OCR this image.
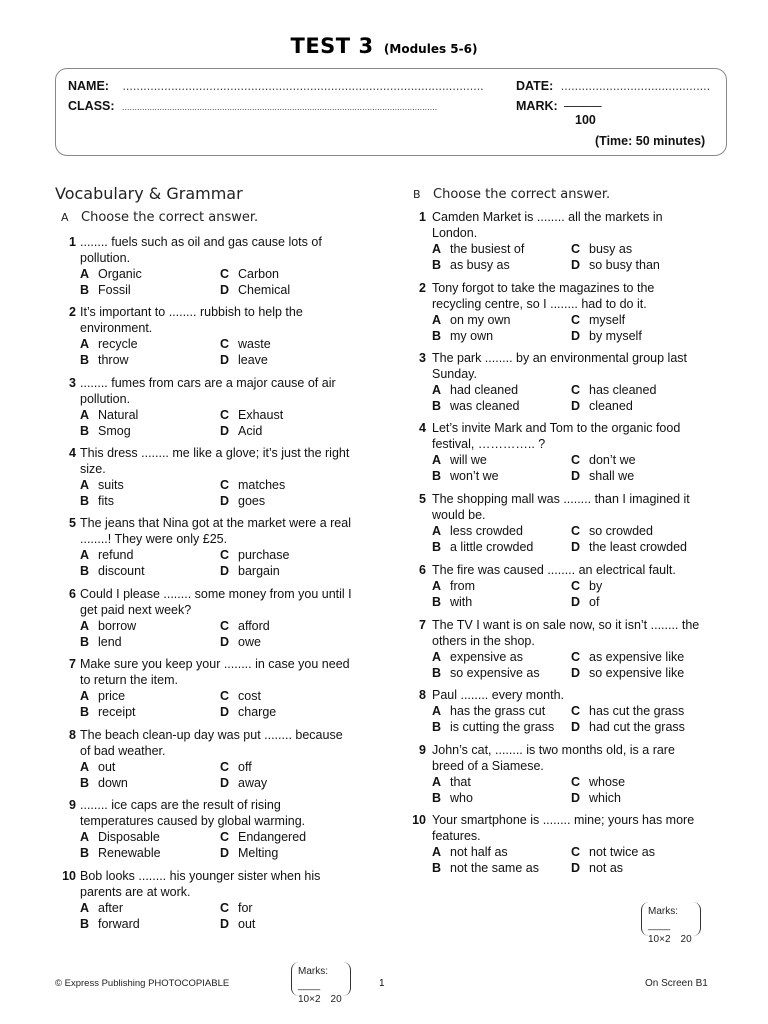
TEST 3 (Modules 5-6)
NAME: ........................................................................................................	DATE: ...........................................
CLASS: ..............................................................................................................................	MARK: ———
100
(Time: 50 minutes)
Vocabulary & Grammar
A Choose the correct answer.
B Choose the correct answer.
1 ........ fuels such as oil and gas cause lots of pollution.
A Organic	C Carbon
B Fossil	D Chemical
2 It’s important to ........ rubbish to help the environment.
A recycle	C waste
B throw	D leave
3 ........ fumes from cars are a major cause of air pollution.
A Natural	C Exhaust
B Smog	D Acid
4 This dress ........ me like a glove; it’s just the right size.
A suits	C matches
B fits	D goes
5 The jeans that Nina got at the market were a real ........! They were only £25.
A refund	C purchase
B discount	D bargain
6 Could I please ........ some money from you until I get paid next week?
A borrow	C afford
B lend	D owe
7 Make sure you keep your ........ in case you need to return the item.
A price	C cost
B receipt	D charge
8 The beach clean-up day was put ........ because of bad weather.
A out	C off
B down	D away
9 ........ ice caps are the result of rising temperatures caused by global warming.
A Disposable	C Endangered
B Renewable	D Melting
10 Bob looks ........ his younger sister when his parents are at work.
A after	C for
B forward	D out
1 Camden Market is ........ all the markets in London.
A the busiest of	C busy as
B as busy as	D so busy than
2 Tony forgot to take the magazines to the recycling centre, so I ........ had to do it.
A on my own	C myself
B my own	D by myself
3 The park ........ by an environmental group last Sunday.
A had cleaned	C has cleaned
B was cleaned	D cleaned
4 Let’s invite Mark and Tom to the organic food festival, ………….. ?
A will we	C don’t we
B won’t we	D shall we
5 The shopping mall was ........ than I imagined it would be.
A less crowded	C so crowded
B a little crowded	D the least crowded
6 The fire was caused ........ an electrical fault.
A from	C by
B with	D of
7 The TV I want is on sale now, so it isn’t ........ the others in the shop.
A expensive as	C as expensive like
B so expensive as	D so expensive like
8 Paul ........ every month.
A has the grass cut	C has cut the grass
B is cutting the grass	D had cut the grass
9 John’s cat, ........ is two months old, is a rare breed of a Siamese.
A that	C whose
B who	D which
10 Your smartphone is ........ mine; yours has more features.
A not half as	C not twice as
B not the same as	D not as
Marks: ____
10×2 20
Marks: ____
10×2 20
© Express Publishing PHOTOCOPIABLE	1	On Screen B1
